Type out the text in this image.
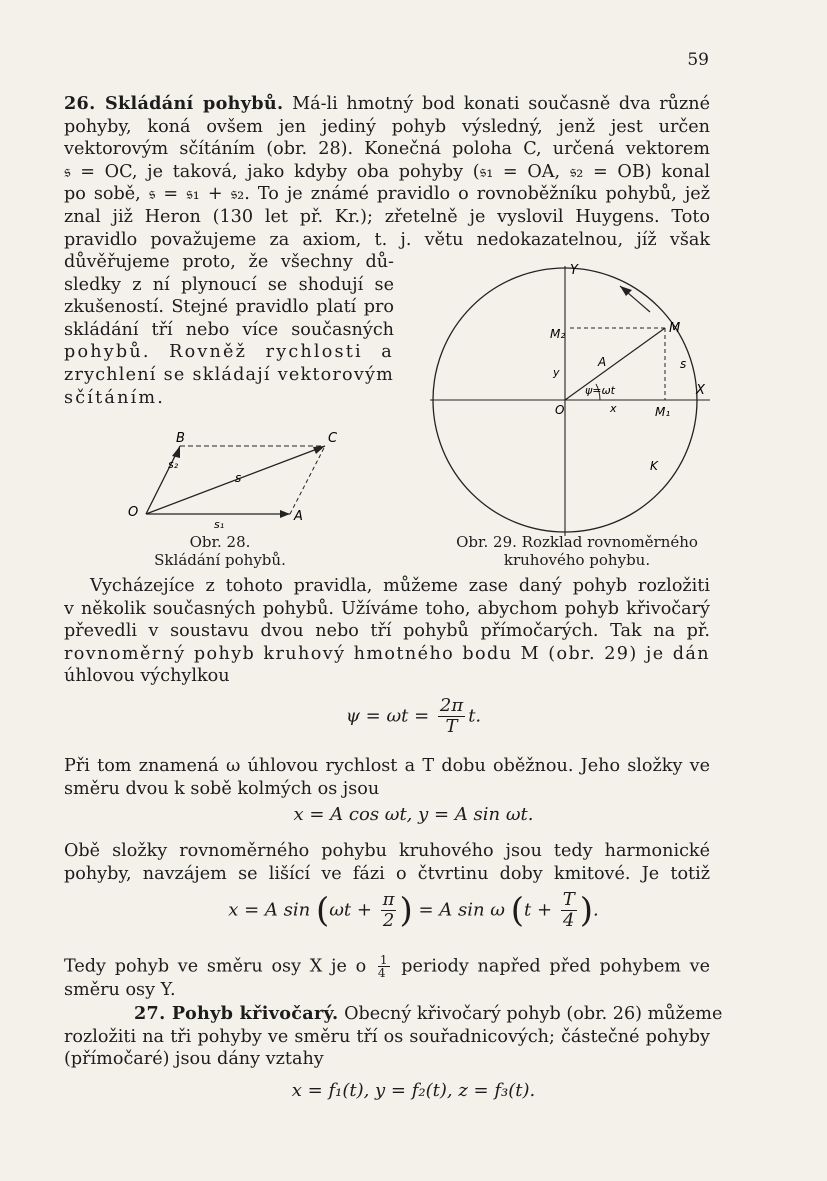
59
26. Skládání pohybů. Má-li hmotný bod konati současně dva různé
pohyby, koná ovšem jen jediný pohyb výsledný, jenž jest určen
vektorovým sčítáním (obr. 28). Konečná poloha C, určená vektorem
𝔰 = OC, je taková, jako kdyby oba pohyby (𝔰₁ = OA, 𝔰₂ = OB) konal
po sobě, 𝔰 = 𝔰₁ + 𝔰₂. To je známé pravidlo o rovnoběžníku pohybů, jež
znal již Heron (130 let př. Kr.); zřetelně je vyslovil Huygens. Toto
pravidlo považujeme za axiom, t. j. větu nedokazatelnou, jíž však
důvěřujeme proto, že všechny dů-
sledky z ní plynoucí se shodují se
zkušeností. Stejné pravidlo platí pro
skládání tří nebo více současných
pohybů. Rovněž rychlosti a
zrychlení se skládají vektorovým
sčítáním.
O	A
B	C
s
s₁
s₂
Obr. 28.
Skládání pohybů.
Y
X
M
M₁
M₂
O
A
K
s
x
y
ψ=ωt
Obr. 29. Rozklad rovnoměrného
kruhového pohybu.
Vycházejíce z tohoto pravidla, můžeme zase daný pohyb rozložiti
v několik současných pohybů. Užíváme toho, abychom pohyb křivočarý
převedli v soustavu dvou nebo tří pohybů přímočarých. Tak na př.
rovnoměrný pohyb kruhový hmotného bodu M (obr. 29) je dán
úhlovou výchylkou
$\psi = \omega t = \frac{2\pi}{T} t$.
Při tom znamená ω úhlovou rychlost a T dobu oběžnou. Jeho složky ve
směru dvou k sobě kolmých os jsou
x = A cos ωt, y = A sin ωt.
Obě složky rovnoměrného pohybu kruhového jsou tedy harmonické
pohyby, navzájem se lišící ve fázi o čtvrtinu doby kmitové. Je totiž
x = A $\sin (\omega t + \frac{\pi}{2}$ ) = A sin ω ($t + \frac{T}{4}$ ).
Tedy pohyb ve směru osy X je o $\frac{1}{4}$ periody napřed před pohybem ve
směru osy Y.
27. Pohyb křivočarý. Obecný křivočarý pohyb (obr. 26) můžeme
rozložiti na tři pohyby ve směru tří os souřadnicových; částečné pohyby
(přímočaré) jsou dány vztahy
x = f₁(t), y = f₂(t), z = f₃(t).
